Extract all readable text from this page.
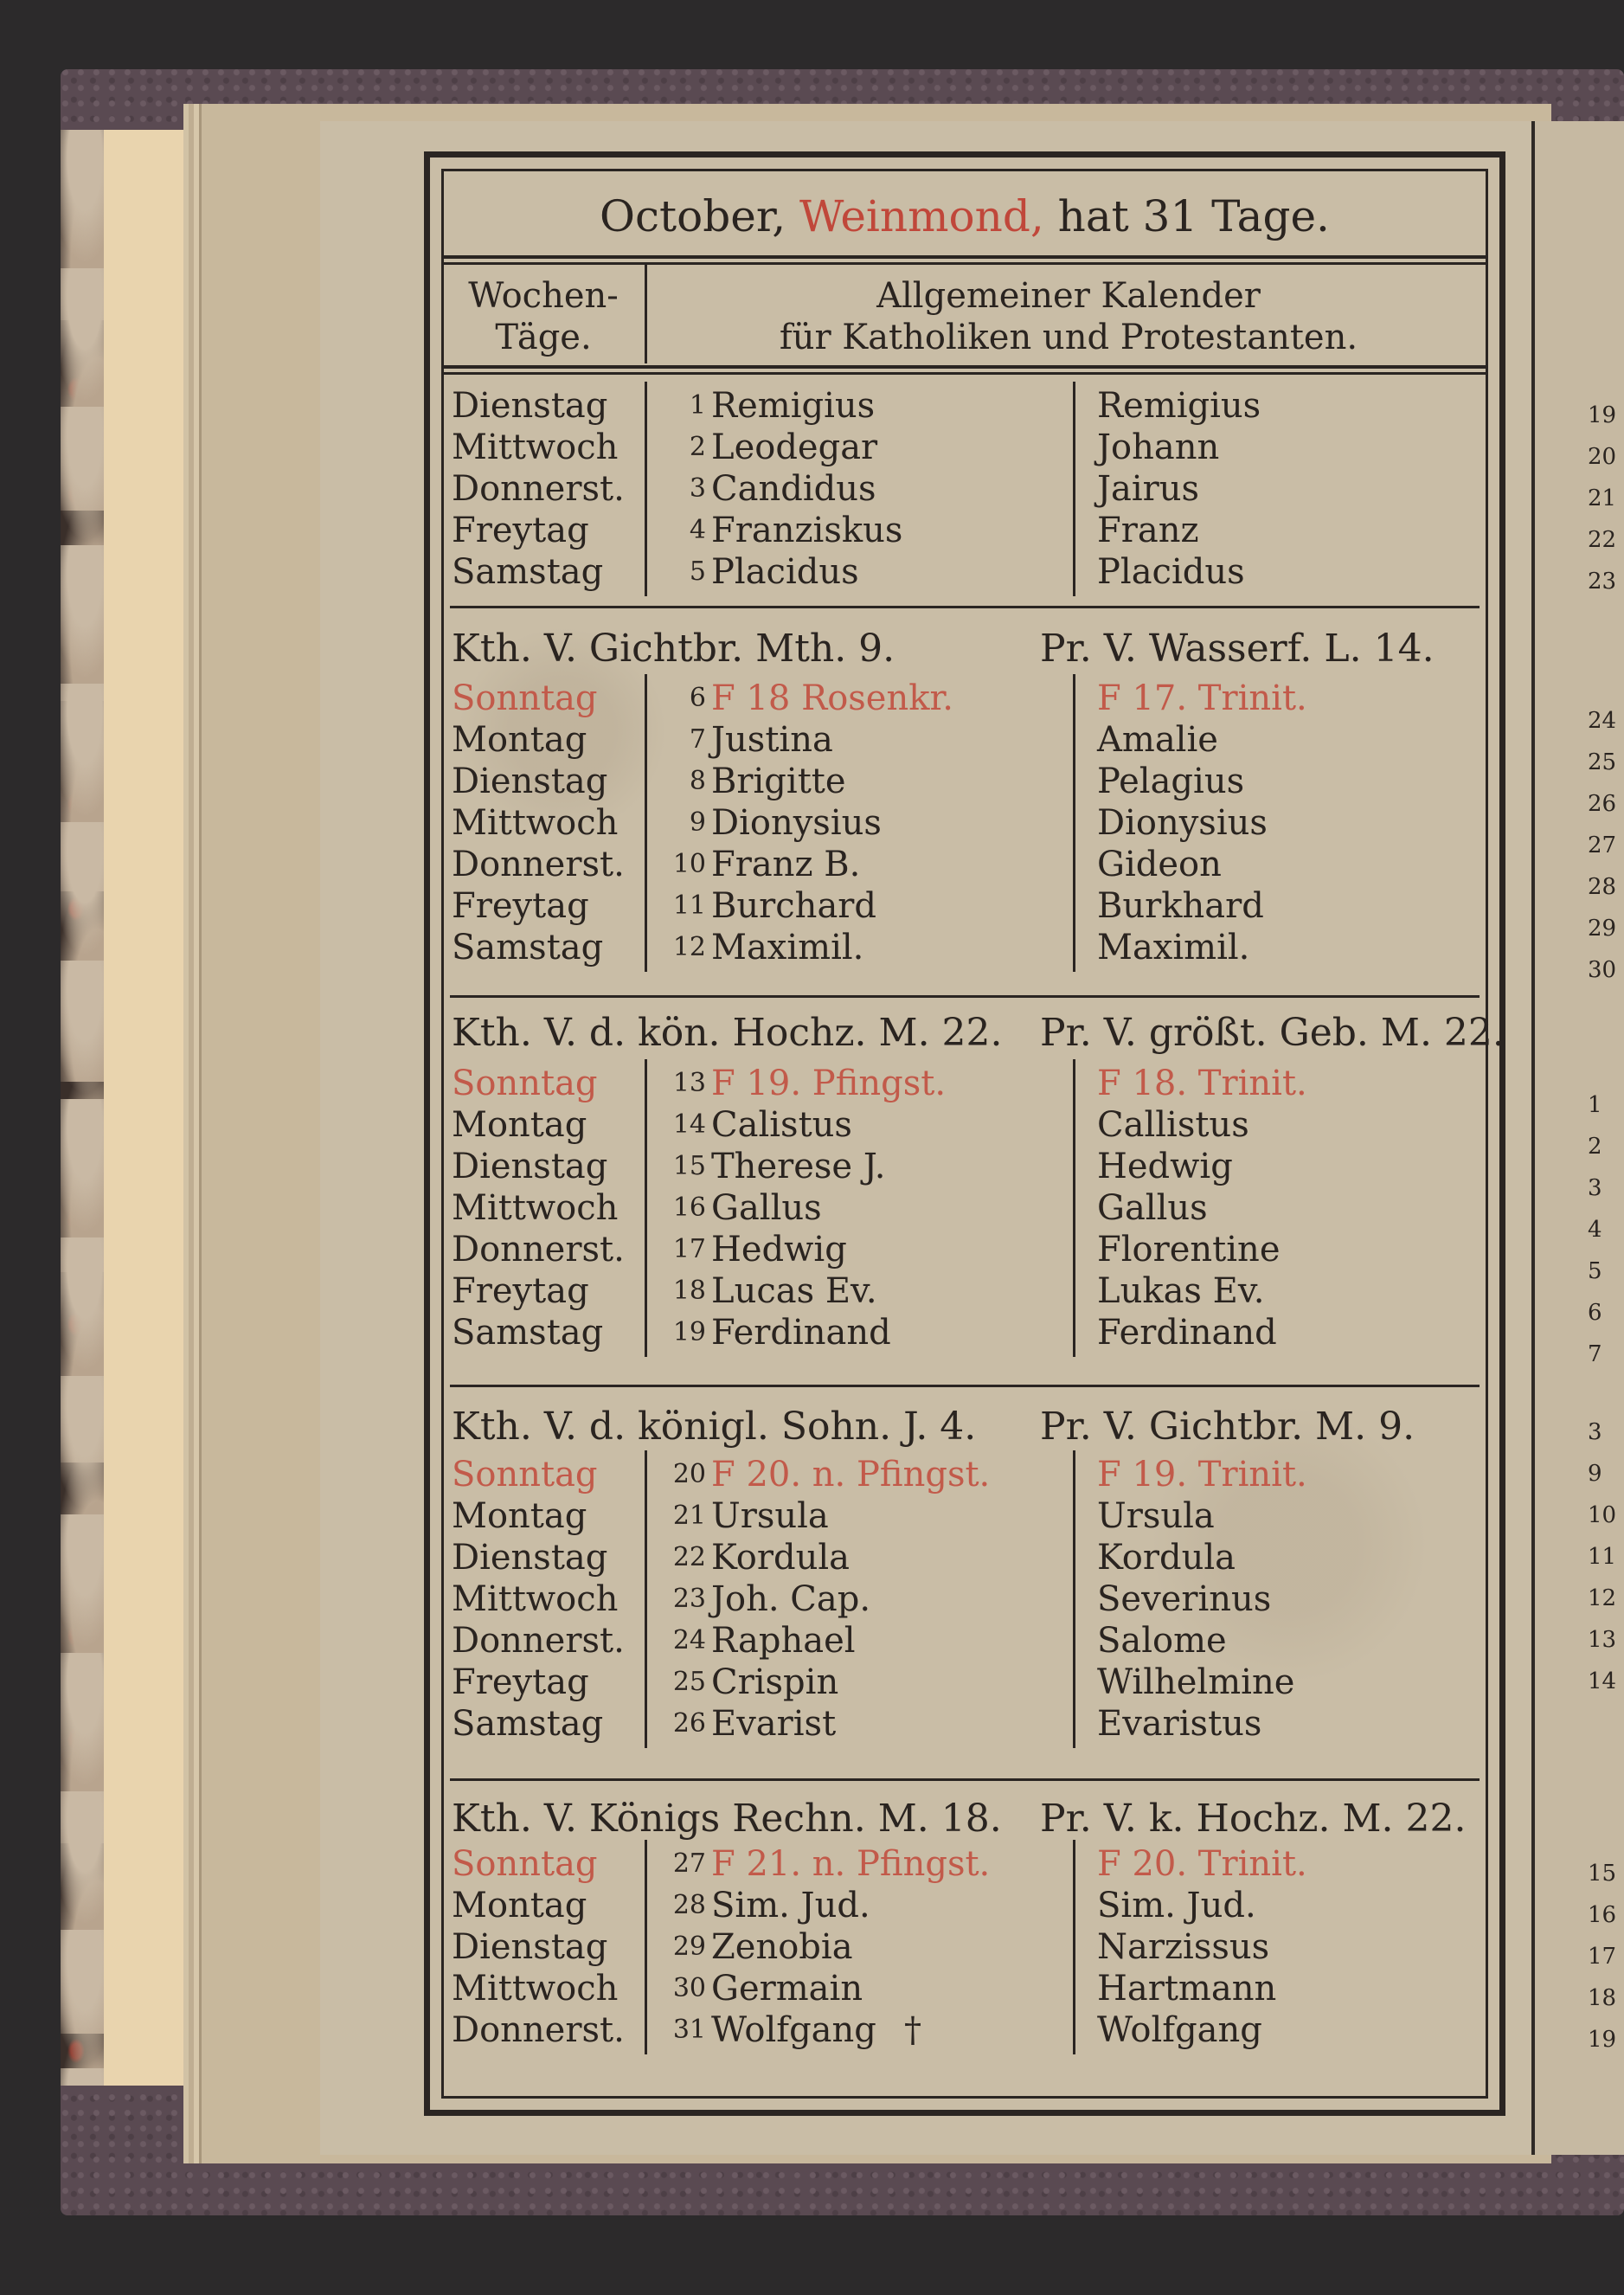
19
20
21
22
23
24
25
26
27
28
29
30
1
2
3
4
5
6
7
3
9
10
11
12
13
14
15
16
17
18
19
October, Weinmond, hat 31 Tage.
Wochen-
Täge.
Allgemeiner Kalender
für Katholiken und Protestanten.
Dienstag	1 Remigius	Remigius
Mittwoch	2 Leodegar	Johann
Donnerst.	3 Candidus	Jairus
Freytag	4 Franziskus	Franz
Samstag	5 Placidus	Placidus
Kth. V. Gichtbr. Mth. 9.	Pr. V. Wasserf. L. 14.
Sonntag	6 F 18 Rosenkr.	F 17. Trinit.
Montag	7 Justina	Amalie
Dienstag	8 Brigitte	Pelagius
Mittwoch	9 Dionysius	Dionysius
Donnerst.	10 Franz B.	Gideon
Freytag	11 Burchard	Burkhard
Samstag	12 Maximil.	Maximil.
Kth. V. d. kön. Hochz. M. 22. Pr. V. größt. Geb. M. 22.
Sonntag	13 F 19. Pfingst.	F 18. Trinit.
Montag	14 Calistus	Callistus
Dienstag	15 Therese J.	Hedwig
Mittwoch	16 Gallus	Gallus
Donnerst.	17 Hedwig	Florentine
Freytag	18 Lucas Ev.	Lukas Ev.
Samstag	19 Ferdinand	Ferdinand
Kth. V. d. königl. Sohn. J. 4. Pr. V. Gichtbr. M. 9.
Sonntag	20 F 20. n. Pfingst.	F 19. Trinit.
Montag	21 Ursula	Ursula
Dienstag	22 Kordula	Kordula
Mittwoch	23 Joh. Cap.	Severinus
Donnerst.	24 Raphael	Salome
Freytag	25 Crispin	Wilhelmine
Samstag	26 Evarist	Evaristus
Kth. V. Königs Rechn. M. 18. Pr. V. k. Hochz. M. 22.
Sonntag	27 F 21. n. Pfingst.	F 20. Trinit.
Montag	28 Sim. Jud.	Sim. Jud.
Dienstag	29 Zenobia	Narzissus
Mittwoch	30 Germain	Hartmann
Donnerst.	31 Wolfgang	Wolfgang
†
